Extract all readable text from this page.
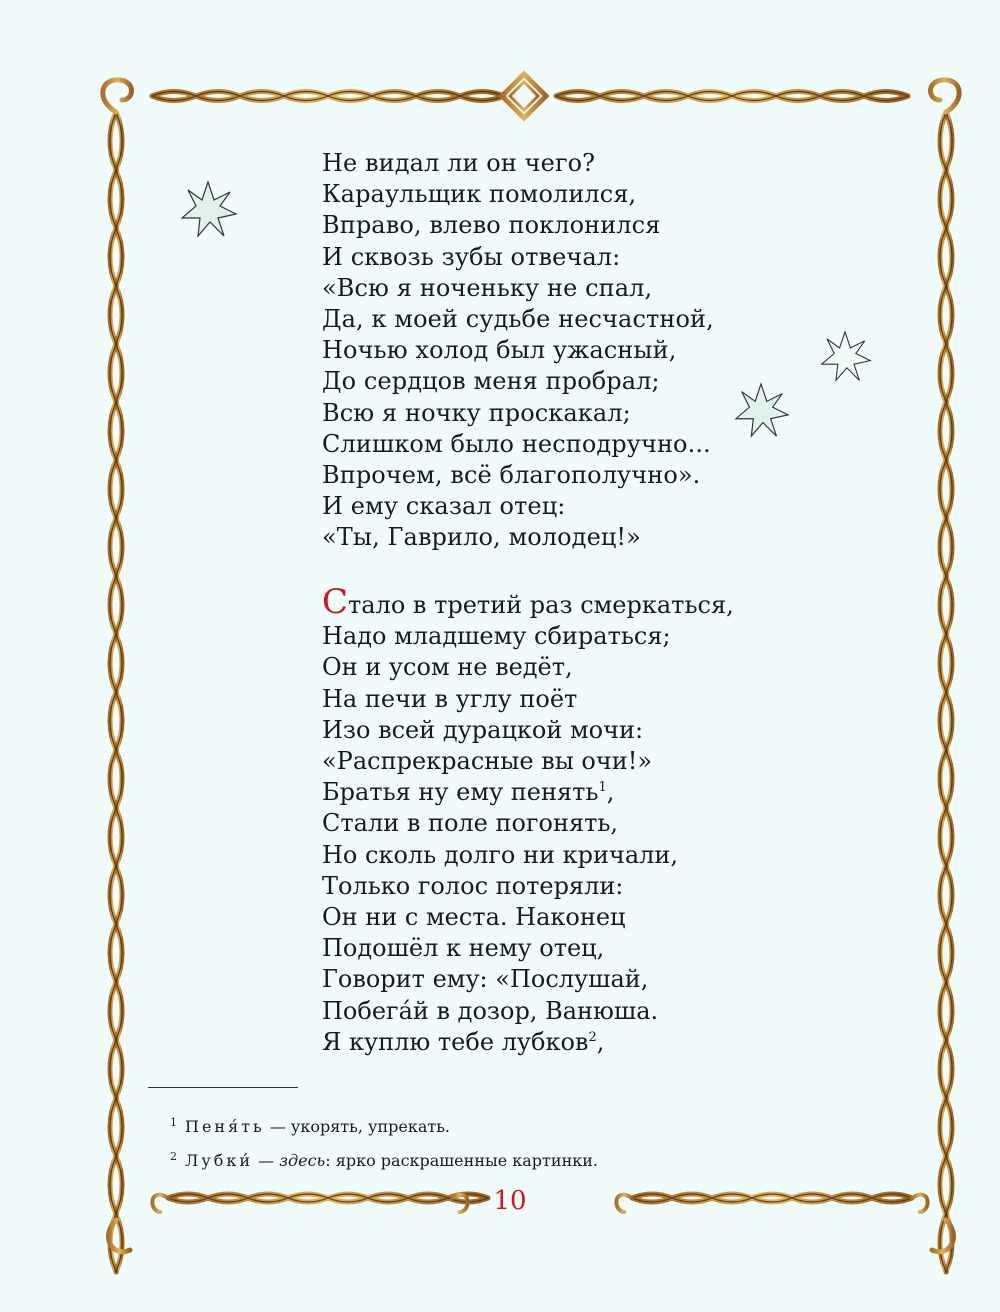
Не видал ли он чего?
Караульщик помолился,
Вправо, влево поклонился
И сквозь зубы отвечал:
«Всю я ноченьку не спал,
Да, к моей судьбе несчастной,
Ночью холод был ужасный,
До сердцов меня пробрал;
Всю я ночку проскакал;
Слишком было несподручно...
Впрочем, всё благополучно».
И ему сказал отец:
«Ты, Гаврило, молодец!»
Стало в третий раз смеркаться,
Надо младшему сбираться;
Он и усом не ведёт,
На печи в углу поёт
Изо всей дурацкой мочи:
«Распрекрасные вы очи!»
Братья ну ему пенять$^1$,
Стали в поле погонять,
Но сколь долго ни кричали,
Только голос потеряли:
Он ни с места. Наконец
Подошёл к нему отец,
Говорит ему: «Послушай,
Побегáй в дозор, Ванюша.
Я куплю тебе лубков$^2$,
$^1$ Пеня́ть — укорять, упрекать.
$^2$ Лубки́ — здесь: ярко раскрашенные картинки.
10
